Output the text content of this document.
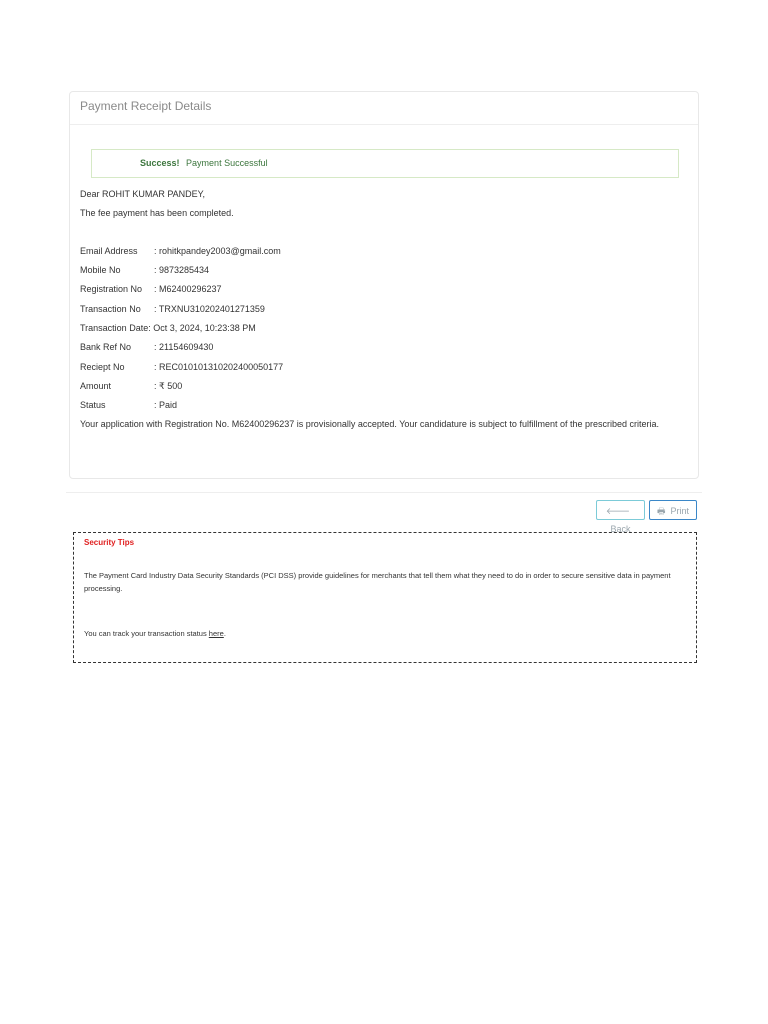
Payment Receipt Details
Success! Payment Successful
Dear ROHIT KUMAR PANDEY,
The fee payment has been completed.
Email Address : rohitkpandey2003@gmail.com
Mobile No	: 9873285434
Registration No : M62400296237
Transaction No : TRXNU310202401271359
Transaction Date: Oct 3, 2024, 10:23:38 PM
Bank Ref No	: 21154609430
Reciept No	: REC010101310202400050177
Amount	: ₹ 500
Status	: Paid
Your application with Registration No. M62400296237 is provisionally accepted. Your candidature is subject to fulfillment of the prescribed criteria.
🡐Back
🖶 Print
Security Tips
The Payment Card Industry Data Security Standards (PCI DSS) provide guidelines for merchants that tell them what they need to do in order to secure sensitive data in payment processing.
You can track your transaction status here.
